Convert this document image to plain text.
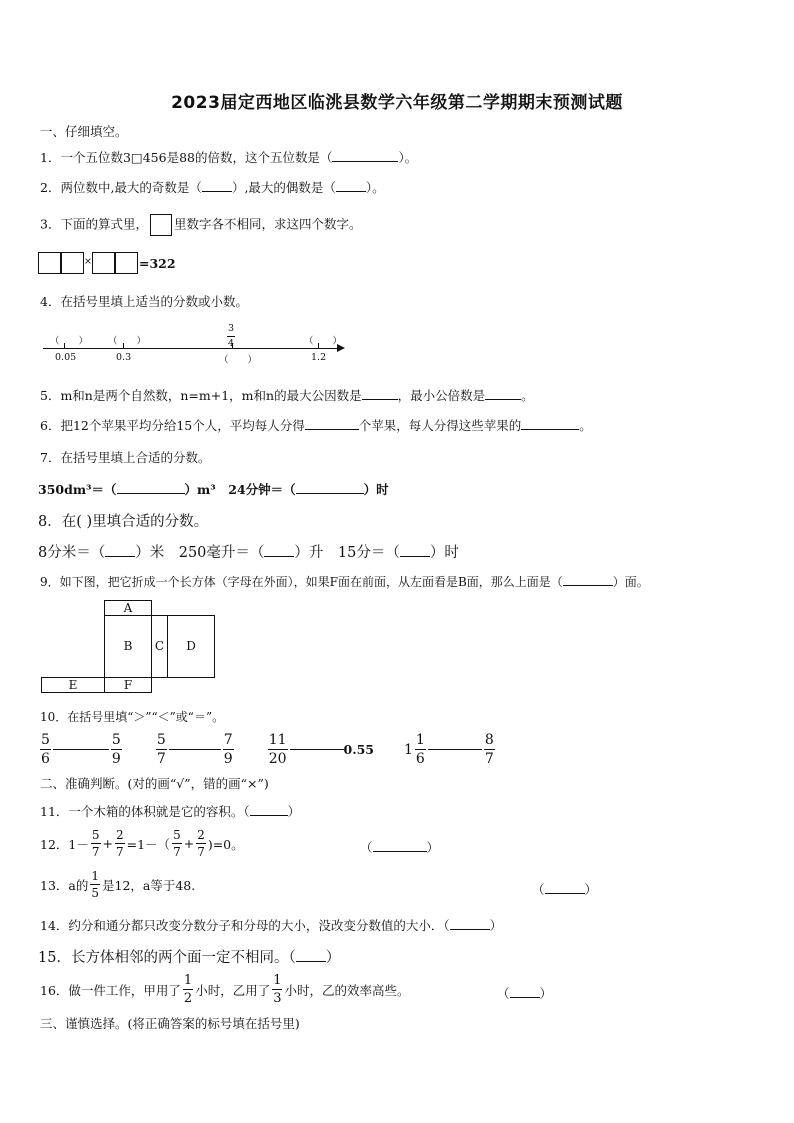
2023届定西地区临洮县数学六年级第二学期期末预测试题
一、仔细填空。
1．一个五位数3□456是88的倍数，这个五位数是（	）。
2．两位数中,最大的奇数是（ ）,最大的偶数是（ ）。
3．下面的算式里， 里数字各不相同，求这四个数字。
×	=322
4．在括号里填上适当的分数或小数。
0.05	0.3	1.2
（　　） （　　）	（　　）
（　　）
$\frac{3}{4}$
5．m和n是两个自然数，n=m+1，m和n的最大公因数是	，最小公倍数是	。
6．把12个苹果平均分给15个人，平均每人分得	个苹果，每人分得这些苹果的	。
7．在括号里填上合适的分数。
350dm³＝（	）m³　24分钟＝（	）时
8．在( )里填合适的分数。
8分米＝（ ）米　250毫升＝（ ）升　15分＝（ ）时
9．如下图，把它折成一个长方体（字母在外面），如果F面在前面，从左面看是B面，那么上面是（	）面。
A
B	C	D
E	F
10．在括号里填“＞”“＜”或“＝”。
$\frac{5}{6}$	$\frac{5}{9} \frac{5}{7}$	$\frac{7}{9} \frac{11}{20}$	0.55 $1 \frac{1}{6}$	$\frac{8}{7}$
二、准确判断。(对的画“√”，错的画“×”)
11．一个木箱的体积就是它的容积。（	）
12．$1- \frac{5}{7} + \frac{2}{7} =1-( \frac{5}{7} + \frac{2}{7} )=0$。	（	）
13．a的 $\frac{1}{5}$ 是12，a等于48.	（	）
14．约分和通分都只改变分数分子和分母的大小，没改变分数值的大小．（	）
15．长方体相邻的两个面一定不相同。（ ）
16．做一件工作，甲用了 $\frac{1}{2}$ 小时，乙用了 $\frac{1}{3}$ 小时，乙的效率高些。	（ ）
三、谨慎选择。(将正确答案的标号填在括号里)
